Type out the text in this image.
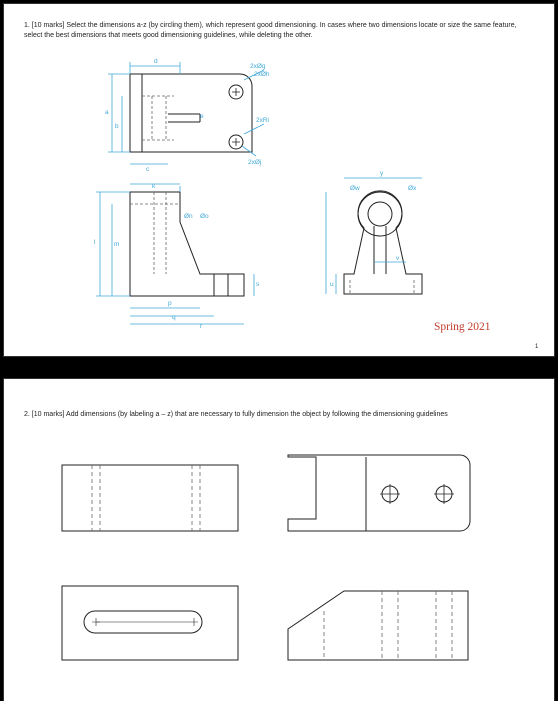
1. [10 marks] Select the dimensions a-z (by circling them), which represent good dimensioning. In cases where two dimensions locate or size the same feature, select the best dimensions that meets good dimensioning guidelines, while deleting the other.
d
a
b
c
e
2xØg
2xØh
2xRi
2xØj
k
l	m
Øn Øo
p
q
r
s	u
v
Øw	Øx
y
Spring 2021
1
2. [10 marks] Add dimensions (by labeling a – z) that are necessary to fully dimension the object by following the dimensioning guidelines
